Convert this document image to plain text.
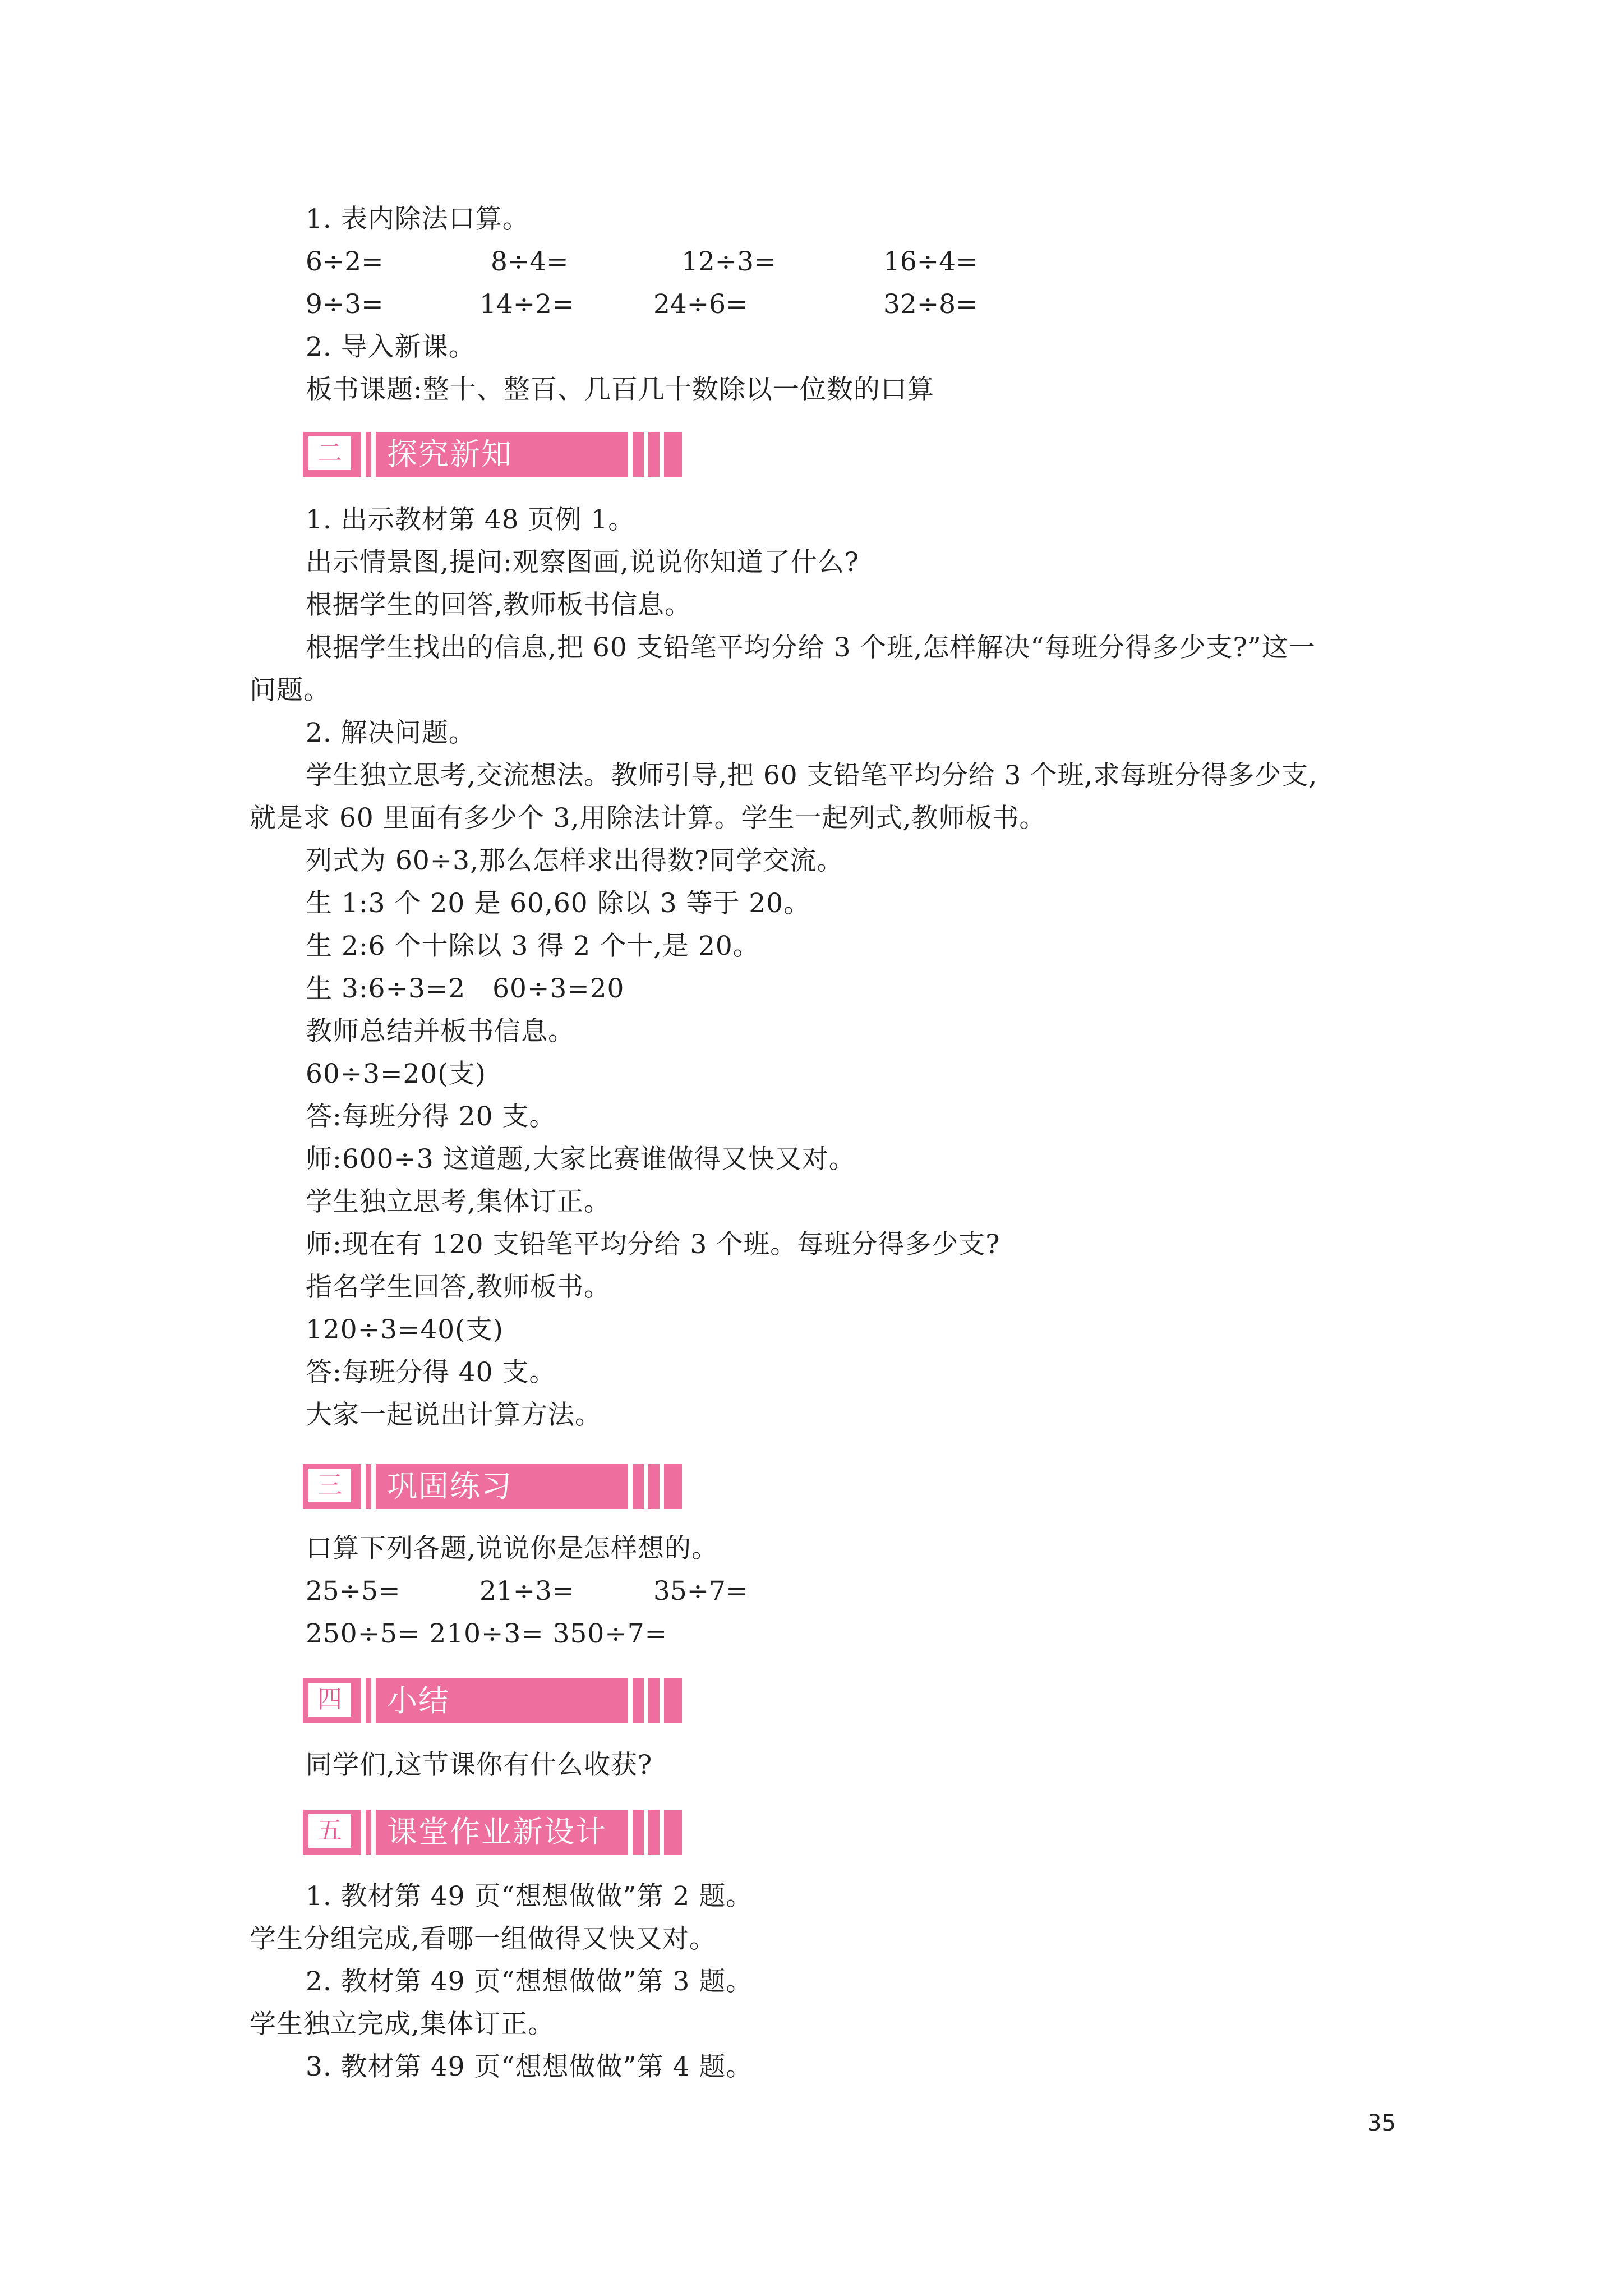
1. 表内除法口算。
6÷2=	8÷4=	12÷3=	16÷4=
9÷3=	14÷2=	24÷6=	32÷8=
2. 导入新课。
板书课题:整十、整百、几百几十数除以一位数的口算
二 探究新知
1. 出示教材第 48 页例 1。
出示情景图,提问:观察图画,说说你知道了什么?
根据学生的回答,教师板书信息。
根据学生找出的信息,把 60 支铅笔平均分给 3 个班,怎样解决“每班分得多少支?”这一
问题。
2. 解决问题。
学生独立思考,交流想法。教师引导,把 60 支铅笔平均分给 3 个班,求每班分得多少支,
就是求 60 里面有多少个 3,用除法计算。学生一起列式,教师板书。
列式为 60÷3,那么怎样求出得数?同学交流。
生 1:3 个 20 是 60,60 除以 3 等于 20。
生 2:6 个十除以 3 得 2 个十,是 20。
生 3:6÷3=2　60÷3=20
教师总结并板书信息。
60÷3=20(支)
答:每班分得 20 支。
师:600÷3 这道题,大家比赛谁做得又快又对。
学生独立思考,集体订正。
师:现在有 120 支铅笔平均分给 3 个班。每班分得多少支?
指名学生回答,教师板书。
120÷3=40(支)
答:每班分得 40 支。
大家一起说出计算方法。
三 巩固练习
口算下列各题,说说你是怎样想的。
25÷5=	21÷3=	35÷7=
250÷5= 210÷3= 350÷7=
四 小结
同学们,这节课你有什么收获?
五 课堂作业新设计
1. 教材第 49 页“想想做做”第 2 题。
学生分组完成,看哪一组做得又快又对。
2. 教材第 49 页“想想做做”第 3 题。
学生独立完成,集体订正。
3. 教材第 49 页“想想做做”第 4 题。
35
